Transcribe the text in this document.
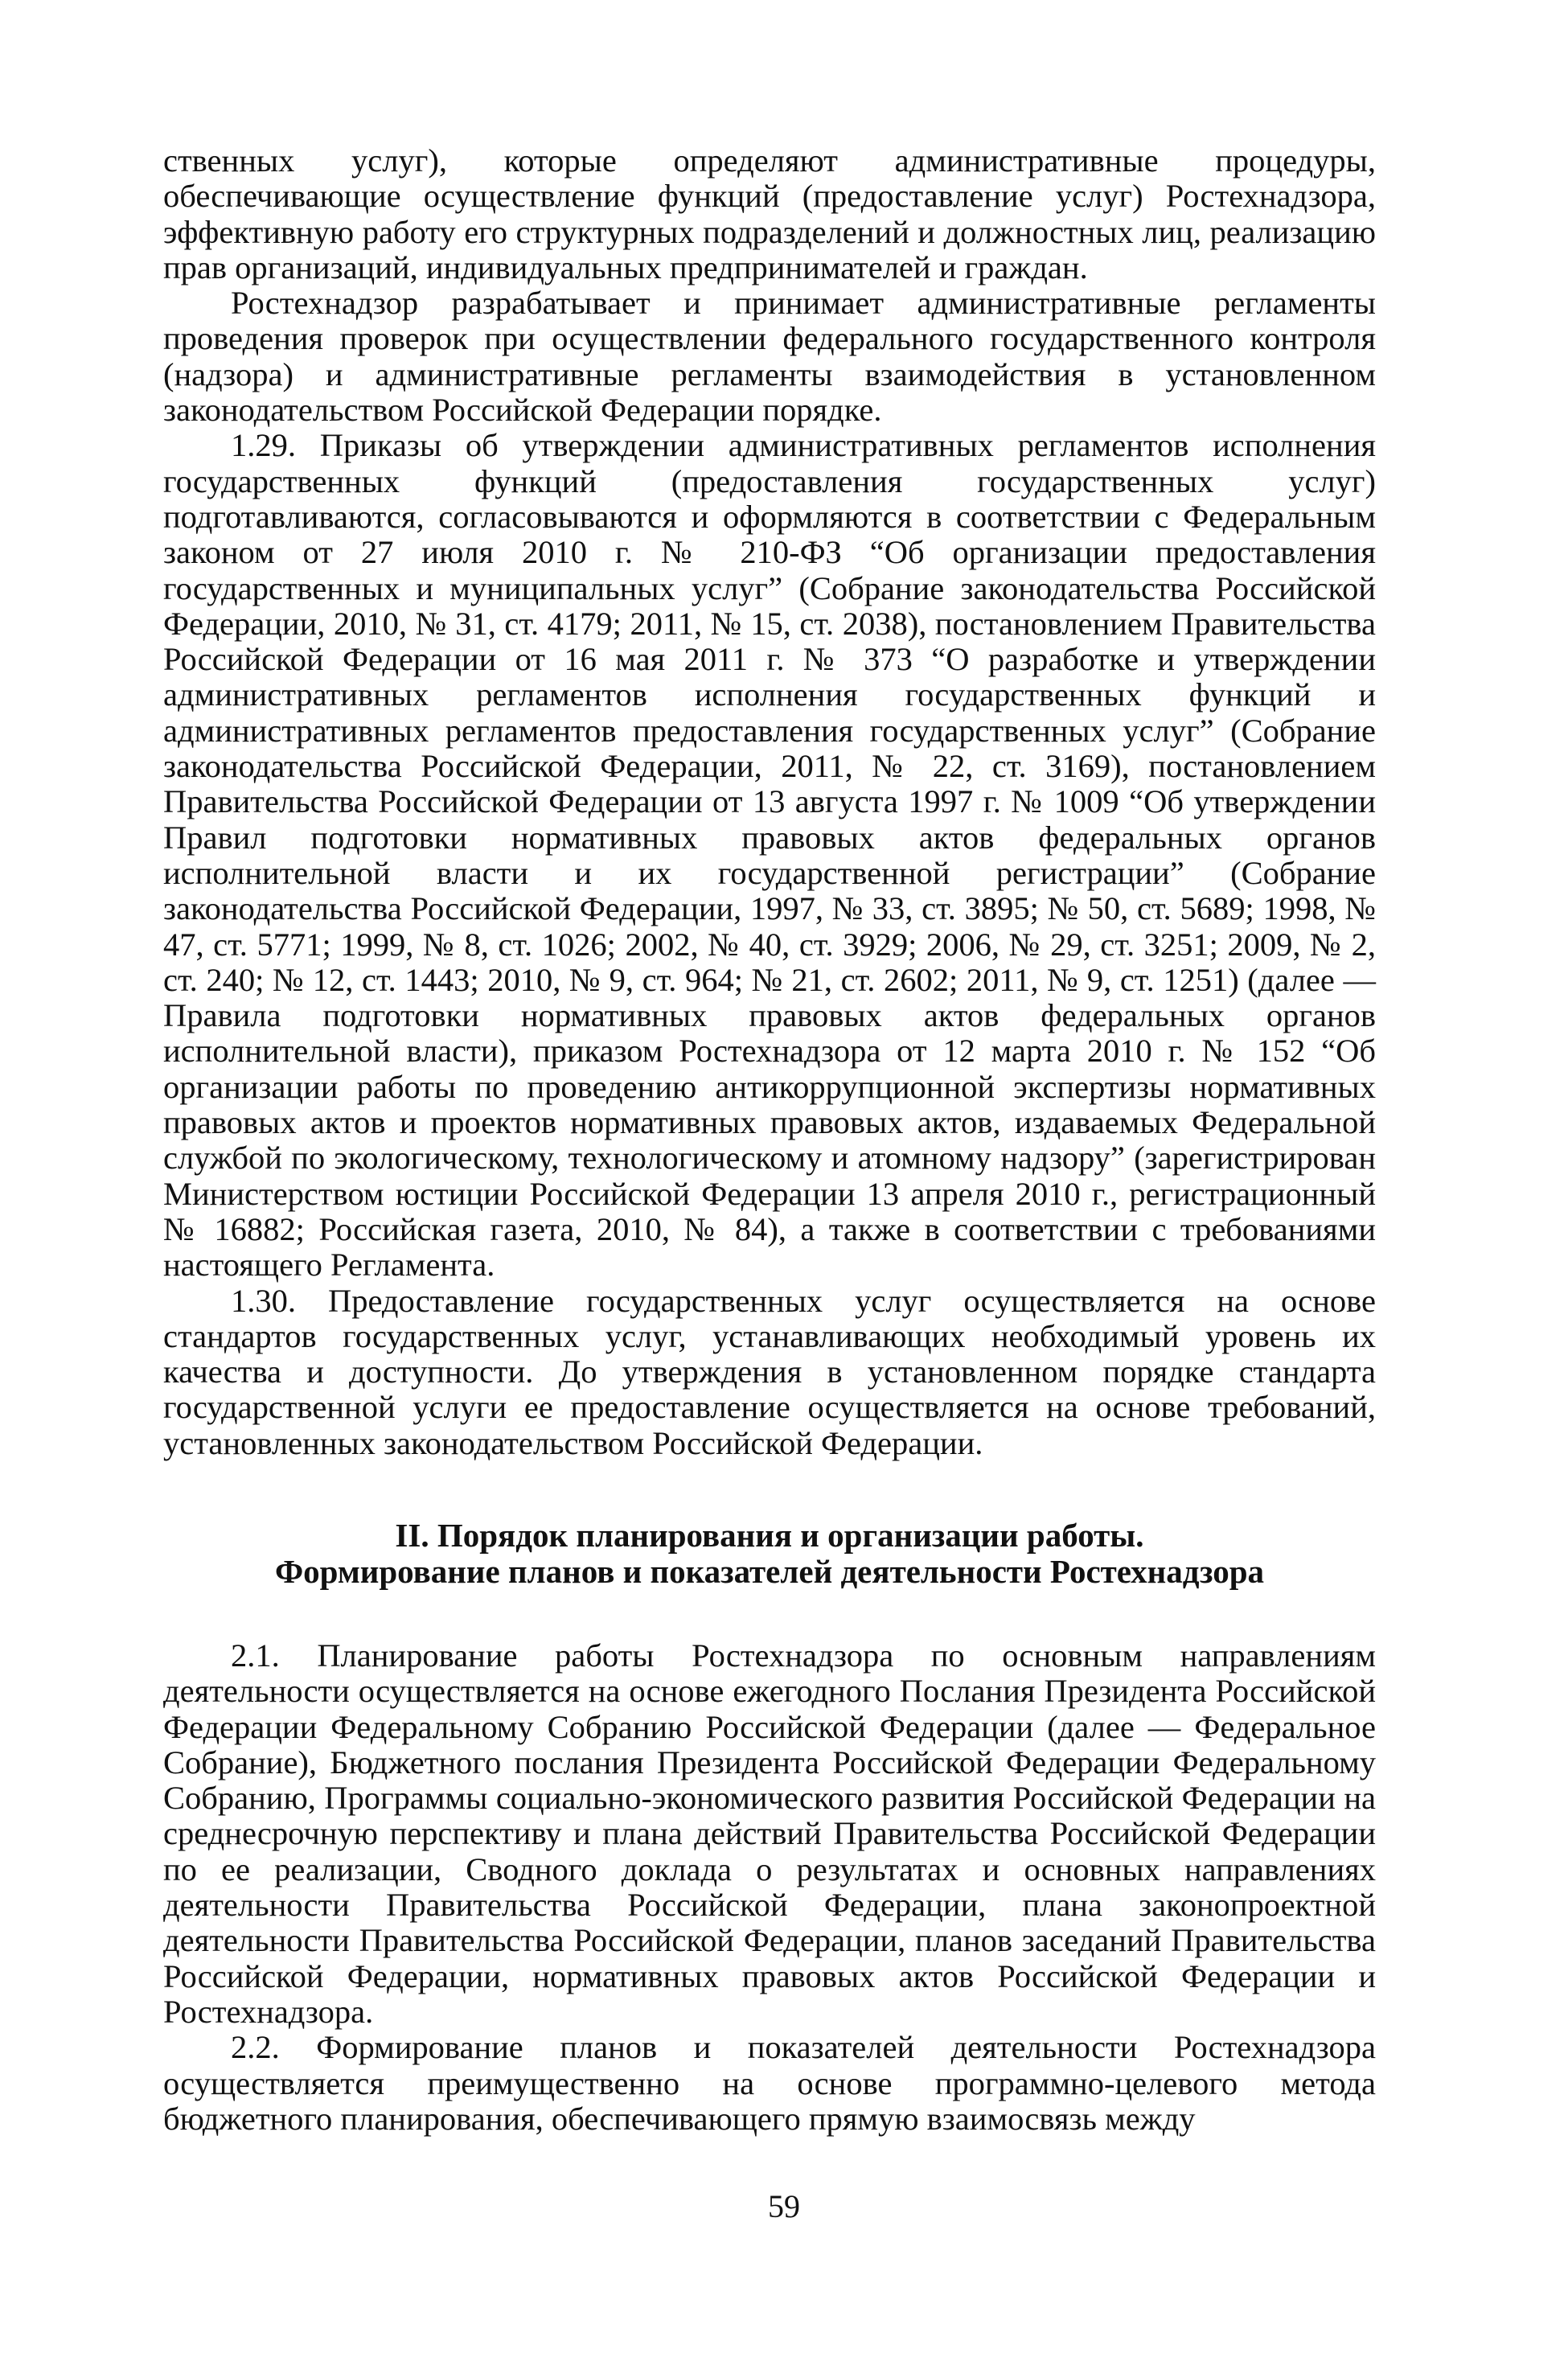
ственных услуг), которые определяют административные процедуры, обеспечивающие осуществление функций (предоставление услуг) Ростехнадзора, эффективную работу его структурных подразделений и должностных лиц, реализацию прав организаций, индивидуальных предпринимателей и граждан.

Ростехнадзор разрабатывает и принимает административные регламенты проведения проверок при осуществлении федерального государственного контроля (надзора) и административные регламенты взаимодействия в установленном законодательством Российской Федерации порядке.

1.29. Приказы об утверждении административных регламентов исполнения государственных функций (предоставления государственных услуг) подготавливаются, согласовываются и оформляются в соответствии с Федеральным законом от 27 июля 2010 г. № 210-ФЗ “Об организации предоставления государственных и муниципальных услуг” (Собрание законодательства Российской Федерации, 2010, № 31, ст. 4179; 2011, № 15, ст. 2038), постановлением Правительства Российской Федерации от 16 мая 2011 г. № 373 “О разработке и утверждении административных регламентов исполнения государственных функций и административных регламентов предоставления государственных услуг” (Собрание законодательства Российской Федерации, 2011, № 22, ст. 3169), постановлением Правительства Российской Федерации от 13 августа 1997 г. № 1009 “Об утверждении Правил подготовки нормативных правовых актов федеральных органов исполнительной власти и их государственной регистрации” (Собрание законодательства Российской Федерации, 1997, № 33, ст. 3895; № 50, ст. 5689; 1998, № 47, ст. 5771; 1999, № 8, ст. 1026; 2002, № 40, ст. 3929; 2006, № 29, ст. 3251; 2009, № 2, ст. 240; № 12, ст. 1443; 2010, № 9, ст. 964; № 21, ст. 2602; 2011, № 9, ст. 1251) (далее — Правила подготовки нормативных правовых актов федеральных органов исполнительной власти), приказом Ростехнадзора от 12 марта 2010 г. № 152 “Об организации работы по проведению антикоррупционной экспертизы нормативных правовых актов и проектов нормативных правовых актов, издаваемых Федеральной службой по экологическому, технологическому и атомному надзору” (зарегистрирован Министерством юстиции Российской Федерации 13 апреля 2010 г., регистрационный № 16882; Российская газета, 2010, № 84), а также в соответствии с требованиями настоящего Регламента.

1.30. Предоставление государственных услуг осуществляется на основе стандартов государственных услуг, устанавливающих необходимый уровень их качества и доступности. До утверждения в установленном порядке стандарта государственной услуги ее предоставление осуществляется на основе требований, установленных законодательством Российской Федерации.

II. Порядок планирования и организации работы.
Формирование планов и показателей деятельности Ростехнадзора

2.1. Планирование работы Ростехнадзора по основным направлениям деятельности осуществляется на основе ежегодного Послания Президента Российской Федерации Федеральному Собранию Российской Федерации (далее — Федеральное Собрание), Бюджетного послания Президента Российской Федерации Федеральному Собранию, Программы социально-экономического развития Российской Федерации на среднесрочную перспективу и плана действий Правительства Российской Федерации по ее реализации, Сводного доклада о результатах и основных направлениях деятельности Правительства Российской Федерации, плана законопроектной деятельности Правительства Российской Федерации, планов заседаний Правительства Российской Федерации, нормативных правовых актов Российской Федерации и Ростехнадзора.

2.2. Формирование планов и показателей деятельности Ростехнадзора осуществляется преимущественно на основе программно-целевого метода бюджетного планирования, обеспечивающего прямую взаимосвязь между

59
